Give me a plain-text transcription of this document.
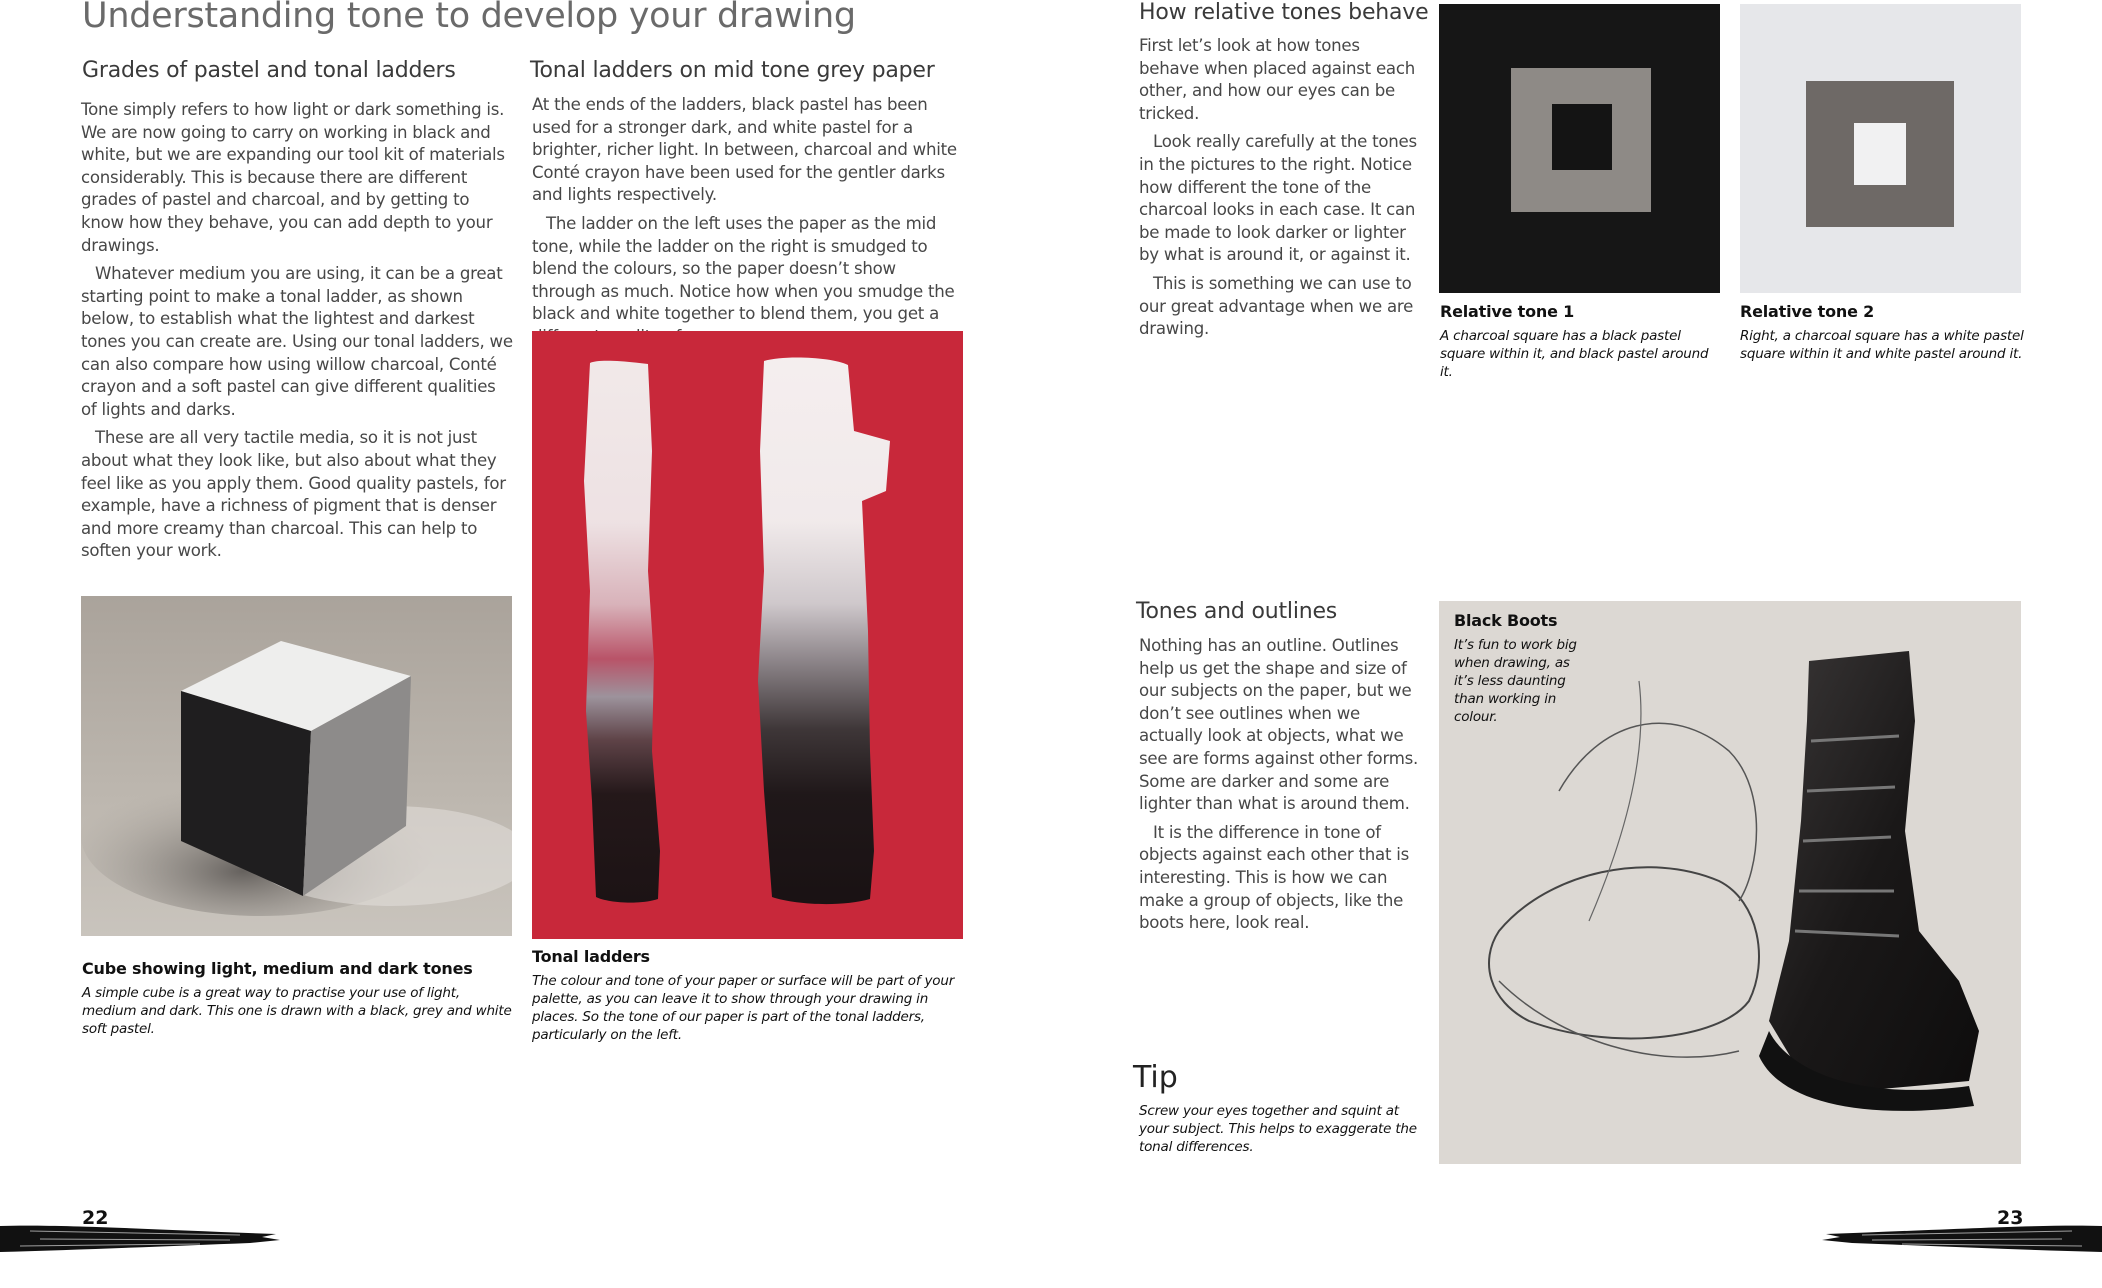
Understanding tone to develop your drawing
Grades of pastel and tonal ladders

Tone simply refers to how light or dark something is. We are now going to carry on working in black and white, but we are expanding our tool kit of materials considerably. This is because there are different grades of pastel and charcoal, and by getting to know how they behave, you can add depth to your drawings.

Whatever medium you are using, it can be a great starting point to make a tonal ladder, as shown below, to establish what the lightest and darkest tones you can create are. Using our tonal ladders, we can also compare how using willow charcoal, Conté crayon and a soft pastel can give different qualities of lights and darks.

These are all very tactile media, so it is not just about what they look like, but also about what they feel like as you apply them. Good quality pastels, for example, have a richness of pigment that is denser and more creamy than charcoal. This can help to soften your work.

Tonal ladders on mid tone grey paper

At the ends of the ladders, black pastel has been used for a stronger dark, and white pastel for a brighter, richer light. In between, charcoal and white Conté crayon have been used for the gentler darks and lights respectively.

The ladder on the left uses the paper as the mid tone, while the ladder on the right is smudged to blend the colours, so the paper doesn’t show through as much. Notice how when you smudge the black and white together to blend them, you get a

Cube showing light, medium and dark tones
A simple cube is a great way to practise your use of light, medium and dark. This one is drawn with a black, grey and white soft pastel.
Tonal ladders
The colour and tone of your paper or surface will be part of your palette, as you can leave it to show through your drawing in places. So the tone of our paper is part of the tonal ladders, particularly on the left.
22
How relative tones behave

First let’s look at how tones behave when placed against each other, and how our eyes can be tricked.

Look really carefully at the tones in the pictures to the right. Notice how different the tone of the charcoal looks in each case. It can be made to look darker or lighter by what is around it, or against it.

This is something we can use to our great advantage when we are drawing.

Relative tone 1
A charcoal square has a black pastel square within it, and black pastel around it.
Relative tone 2
Right, a charcoal square has a white pastel square within it and white pastel around it.
Tones and outlines

Nothing has an outline. Outlines help us get the shape and size of our subjects on the paper, but we don’t see outlines when we actually look at objects, what we see are forms against other forms. Some are darker and some are lighter than what is around them.

It is the difference in tone of objects against each other that is interesting. This is how we can make a group of objects, like the boots here, look real.

Black Boots
It’s fun to work big when drawing, as it’s less daunting than working in colour.
Tip
Screw your eyes together and squint at your subject. This helps to exaggerate the tonal differences.
23
